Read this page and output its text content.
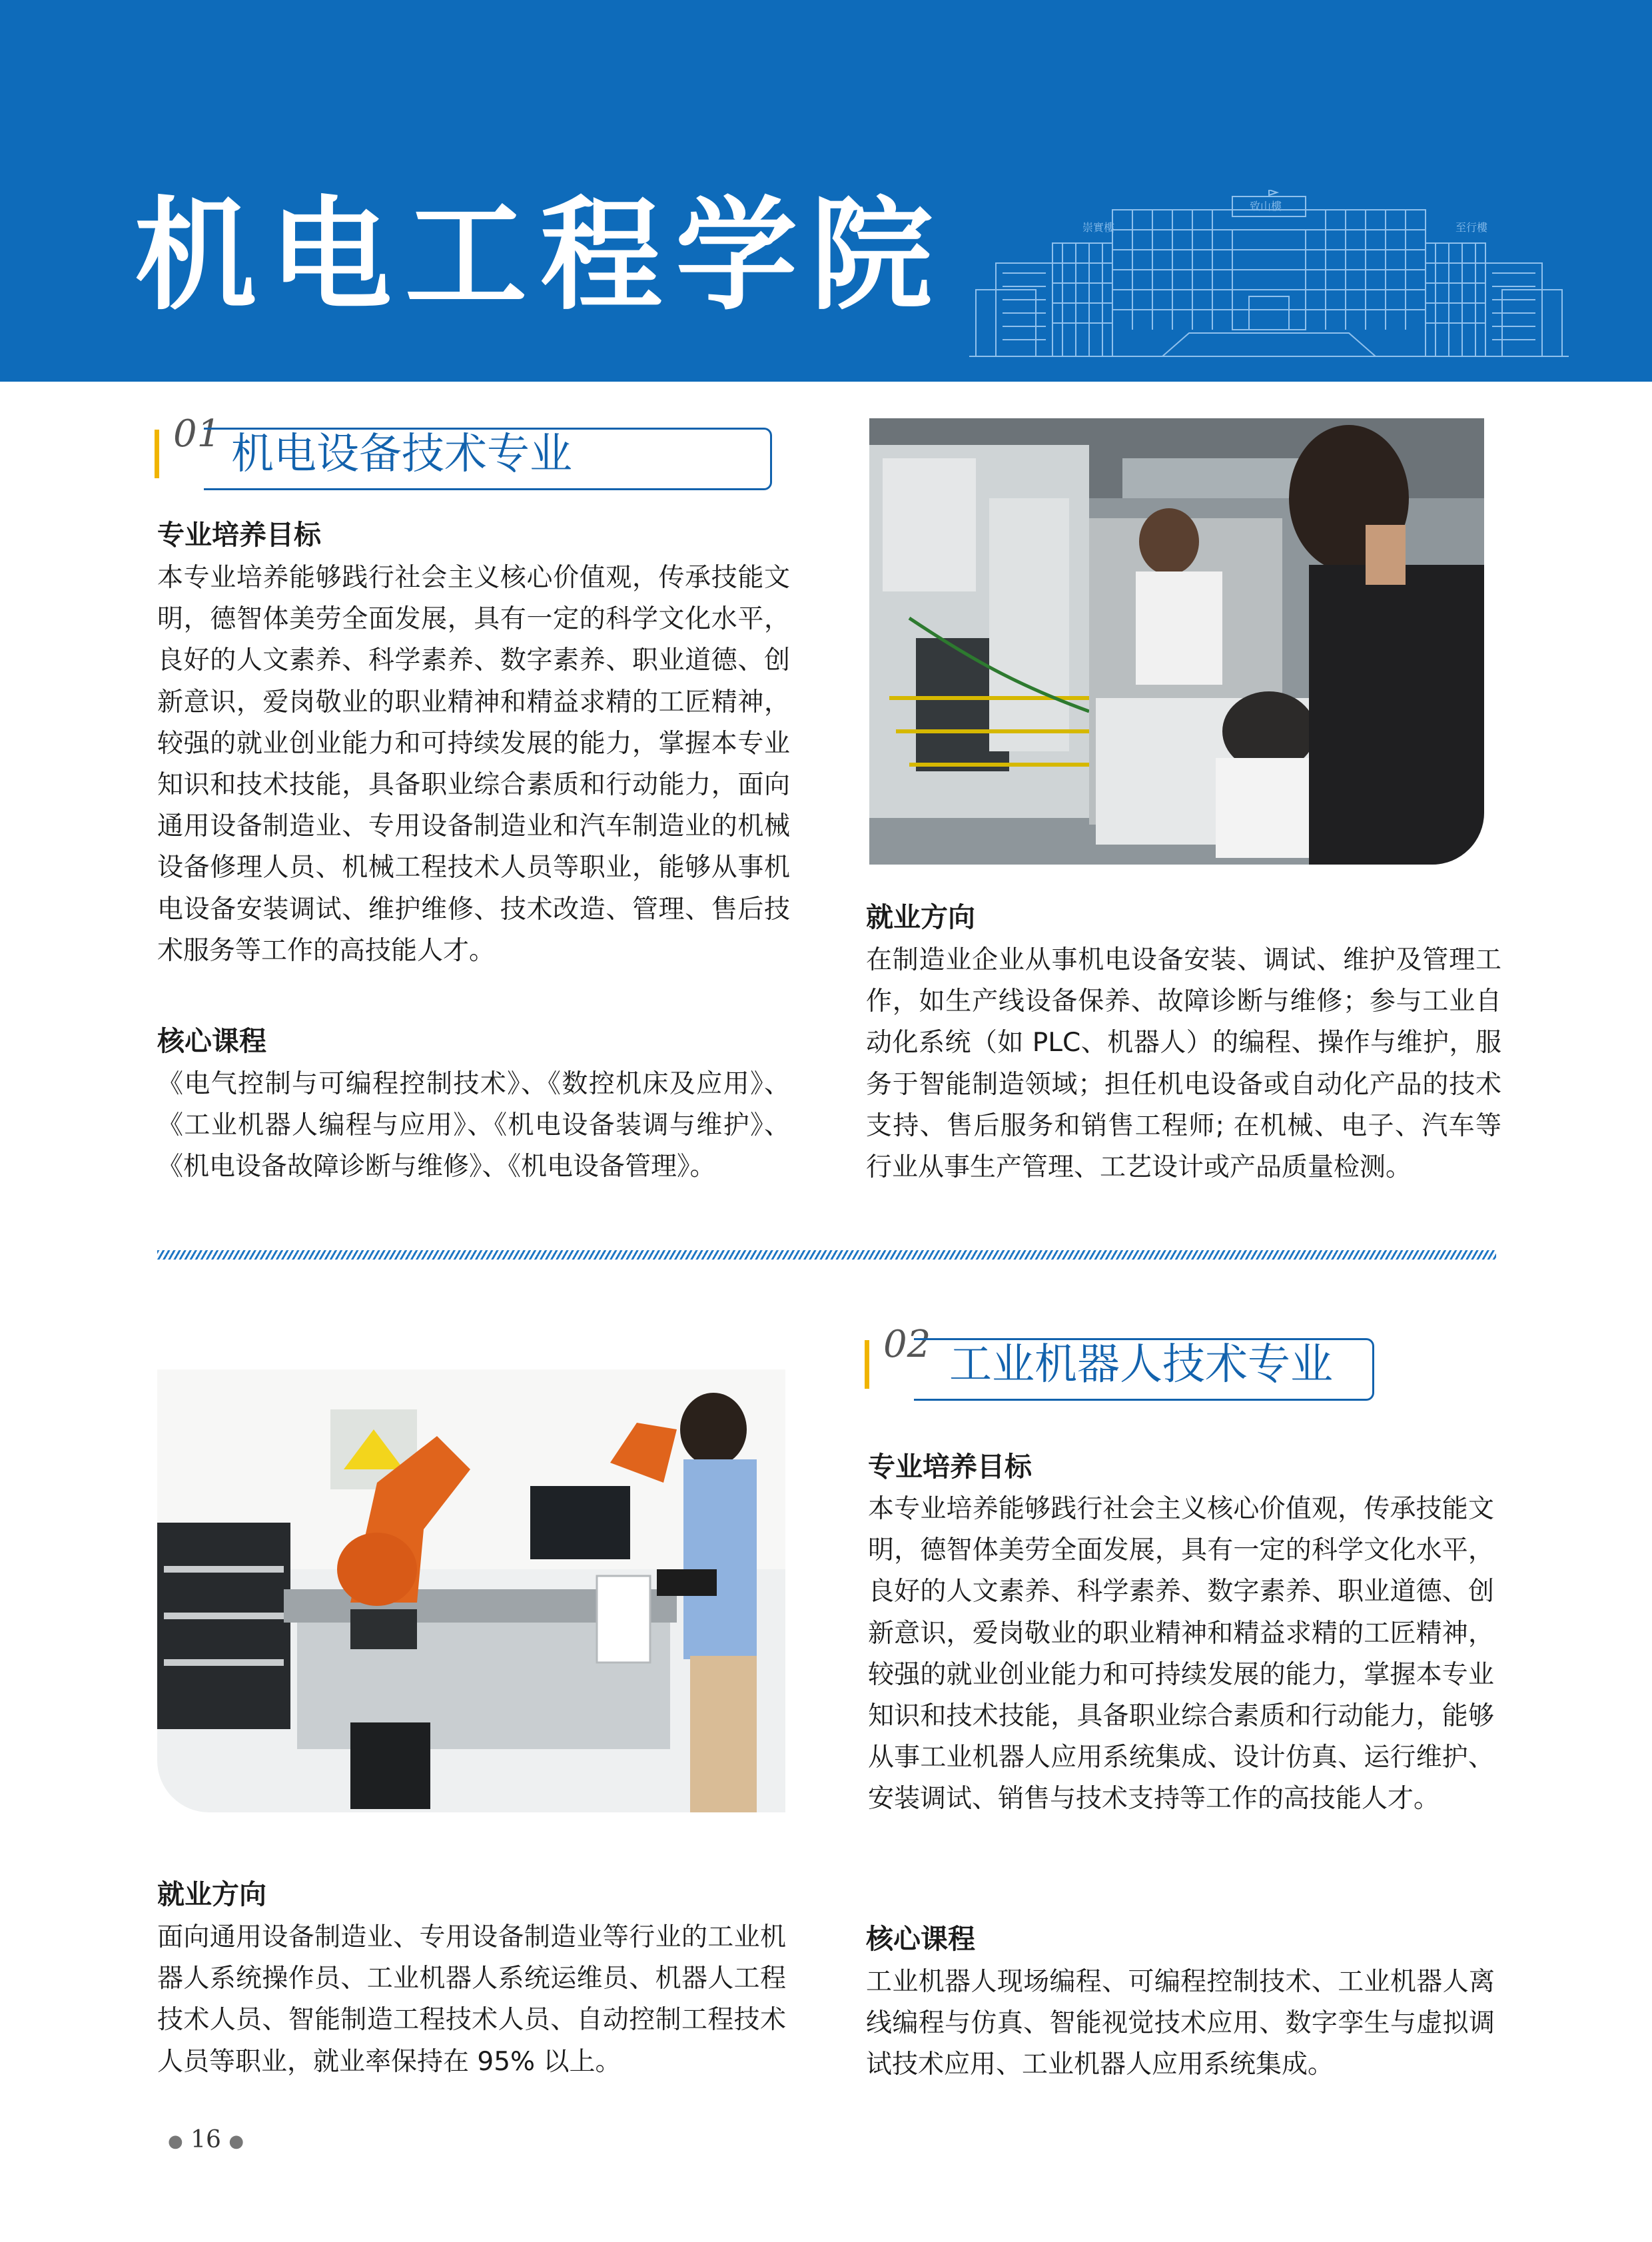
机电工程学院	崇實樓
致山樓
至行樓
01 机电设备技术专业
专业培养目标

本专业培养能够践行社会主义核心价值观，传承技能文明，德智体美劳全面发展，具有一定的科学文化水平，良好的人文素养、科学素养、数字素养、职业道德、创新意识，爱岗敬业的职业精神和精益求精的工匠精神，较强的就业创业能力和可持续发展的能力，掌握本专业知识和技术技能，具备职业综合素质和行动能力，面向通用设备制造业、专用设备制造业和汽车制造业的机械设备修理人员、机械工程技术人员等职业，能够从事机电设备安装调试、维护维修、技术改造、管理、售后技术服务等工作的高技能人才。

核心课程

《电气控制与可编程控制技术》、《数控机床及应用》、《工业机器人编程与应用》、《机电设备装调与维护》、《机电设备故障诊断与维修》、《机电设备管理》。

就业方向

在制造业企业从事机电设备安装、调试、维护及管理工作，如生产线设备保养、故障诊断与维修；参与工业自动化系统（如 PLC、机器人）的编程、操作与维护，服务于智能制造领域；担任机电设备或自动化产品的技术支持、售后服务和销售工程师; 在机械、电子、汽车等行业从事生产管理、工艺设计或产品质量检测。

02 工业机器人技术专业
专业培养目标

本专业培养能够践行社会主义核心价值观，传承技能文明，德智体美劳全面发展，具有一定的科学文化水平，良好的人文素养、科学素养、数字素养、职业道德、创新意识，爱岗敬业的职业精神和精益求精的工匠精神，较强的就业创业能力和可持续发展的能力，掌握本专业知识和技术技能，具备职业综合素质和行动能力，能够从事工业机器人应用系统集成、设计仿真、运行维护、安装调试、销售与技术支持等工作的高技能人才。

就业方向

面向通用设备制造业、专用设备制造业等行业的工业机器人系统操作员、工业机器人系统运维员、机器人工程技术人员、智能制造工程技术人员、自动控制工程技术人员等职业，就业率保持在 95% 以上。

核心课程

工业机器人现场编程、可编程控制技术、工业机器人离线编程与仿真、智能视觉技术应用、数字孪生与虚拟调试技术应用、工业机器人应用系统集成。

● 16 ●
